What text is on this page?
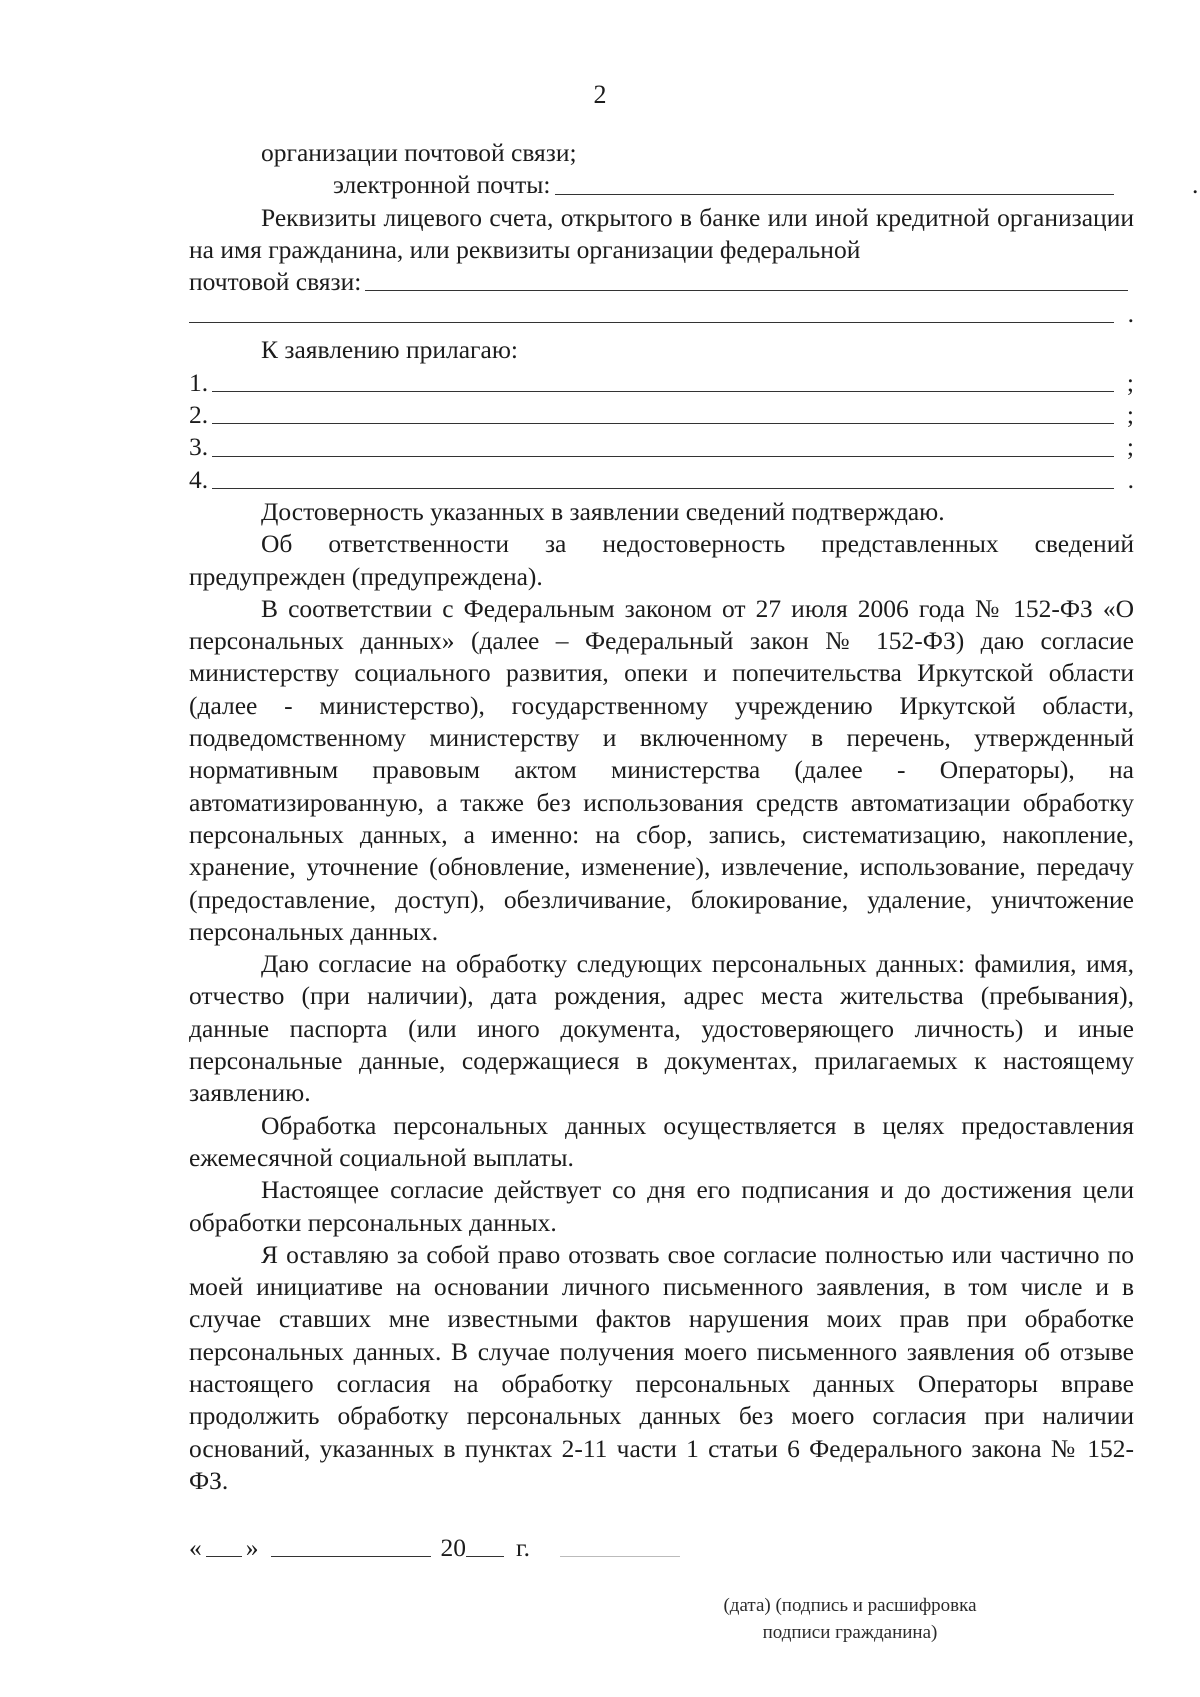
2

организации почтовой связи;

электронной почты:	.

Реквизиты лицевого счета, открытого в банке или иной кредитной организации на имя гражданина, или реквизиты организации федеральной

почтовой связи:
.

К заявлению прилагаю:

1.	;
2.	;
3.	;
4.	.

Достоверность указанных в заявлении сведений подтверждаю.

Об ответственности за недостоверность представленных сведений предупрежден (предупреждена).

В соответствии с Федеральным законом от 27 июля 2006 года № 152-ФЗ «О персональных данных» (далее – Федеральный закон № 152-ФЗ) даю согласие министерству социального развития, опеки и попечительства Иркутской области (далее - министерство), государственному учреждению Иркутской области, подведомственному министерству и включенному в перечень, утвержденный нормативным правовым актом министерства (далее - Операторы), на автоматизированную, а также без использования средств автоматизации обработку персональных данных, а именно: на сбор, запись, систематизацию, накопление, хранение, уточнение (обновление, изменение), извлечение, использование, передачу (предоставление, доступ), обезличивание, блокирование, удаление, уничтожение персональных данных.

Даю согласие на обработку следующих персональных данных: фамилия, имя, отчество (при наличии), дата рождения, адрес места жительства (пребывания), данные паспорта (или иного документа, удостоверяющего личность) и иные персональные данные, содержащиеся в документах, прилагаемых к настоящему заявлению.

Обработка персональных данных осуществляется в целях предоставления ежемесячной социальной выплаты.

Настоящее согласие действует со дня его подписания и до достижения цели обработки персональных данных.

Я оставляю за собой право отозвать свое согласие полностью или частично по моей инициативе на основании личного письменного заявления, в том числе и в случае ставших мне известными фактов нарушения моих прав при обработке персональных данных. В случае получения моего письменного заявления об отзыве настоящего согласия на обработку персональных данных Операторы вправе продолжить обработку персональных данных без моего согласия при наличии оснований, указанных в пунктах 2-11 части 1 статьи 6 Федерального закона № 152-ФЗ.

« »	20 г.
(дата) (подпись и расшифровка
подписи гражданина)
